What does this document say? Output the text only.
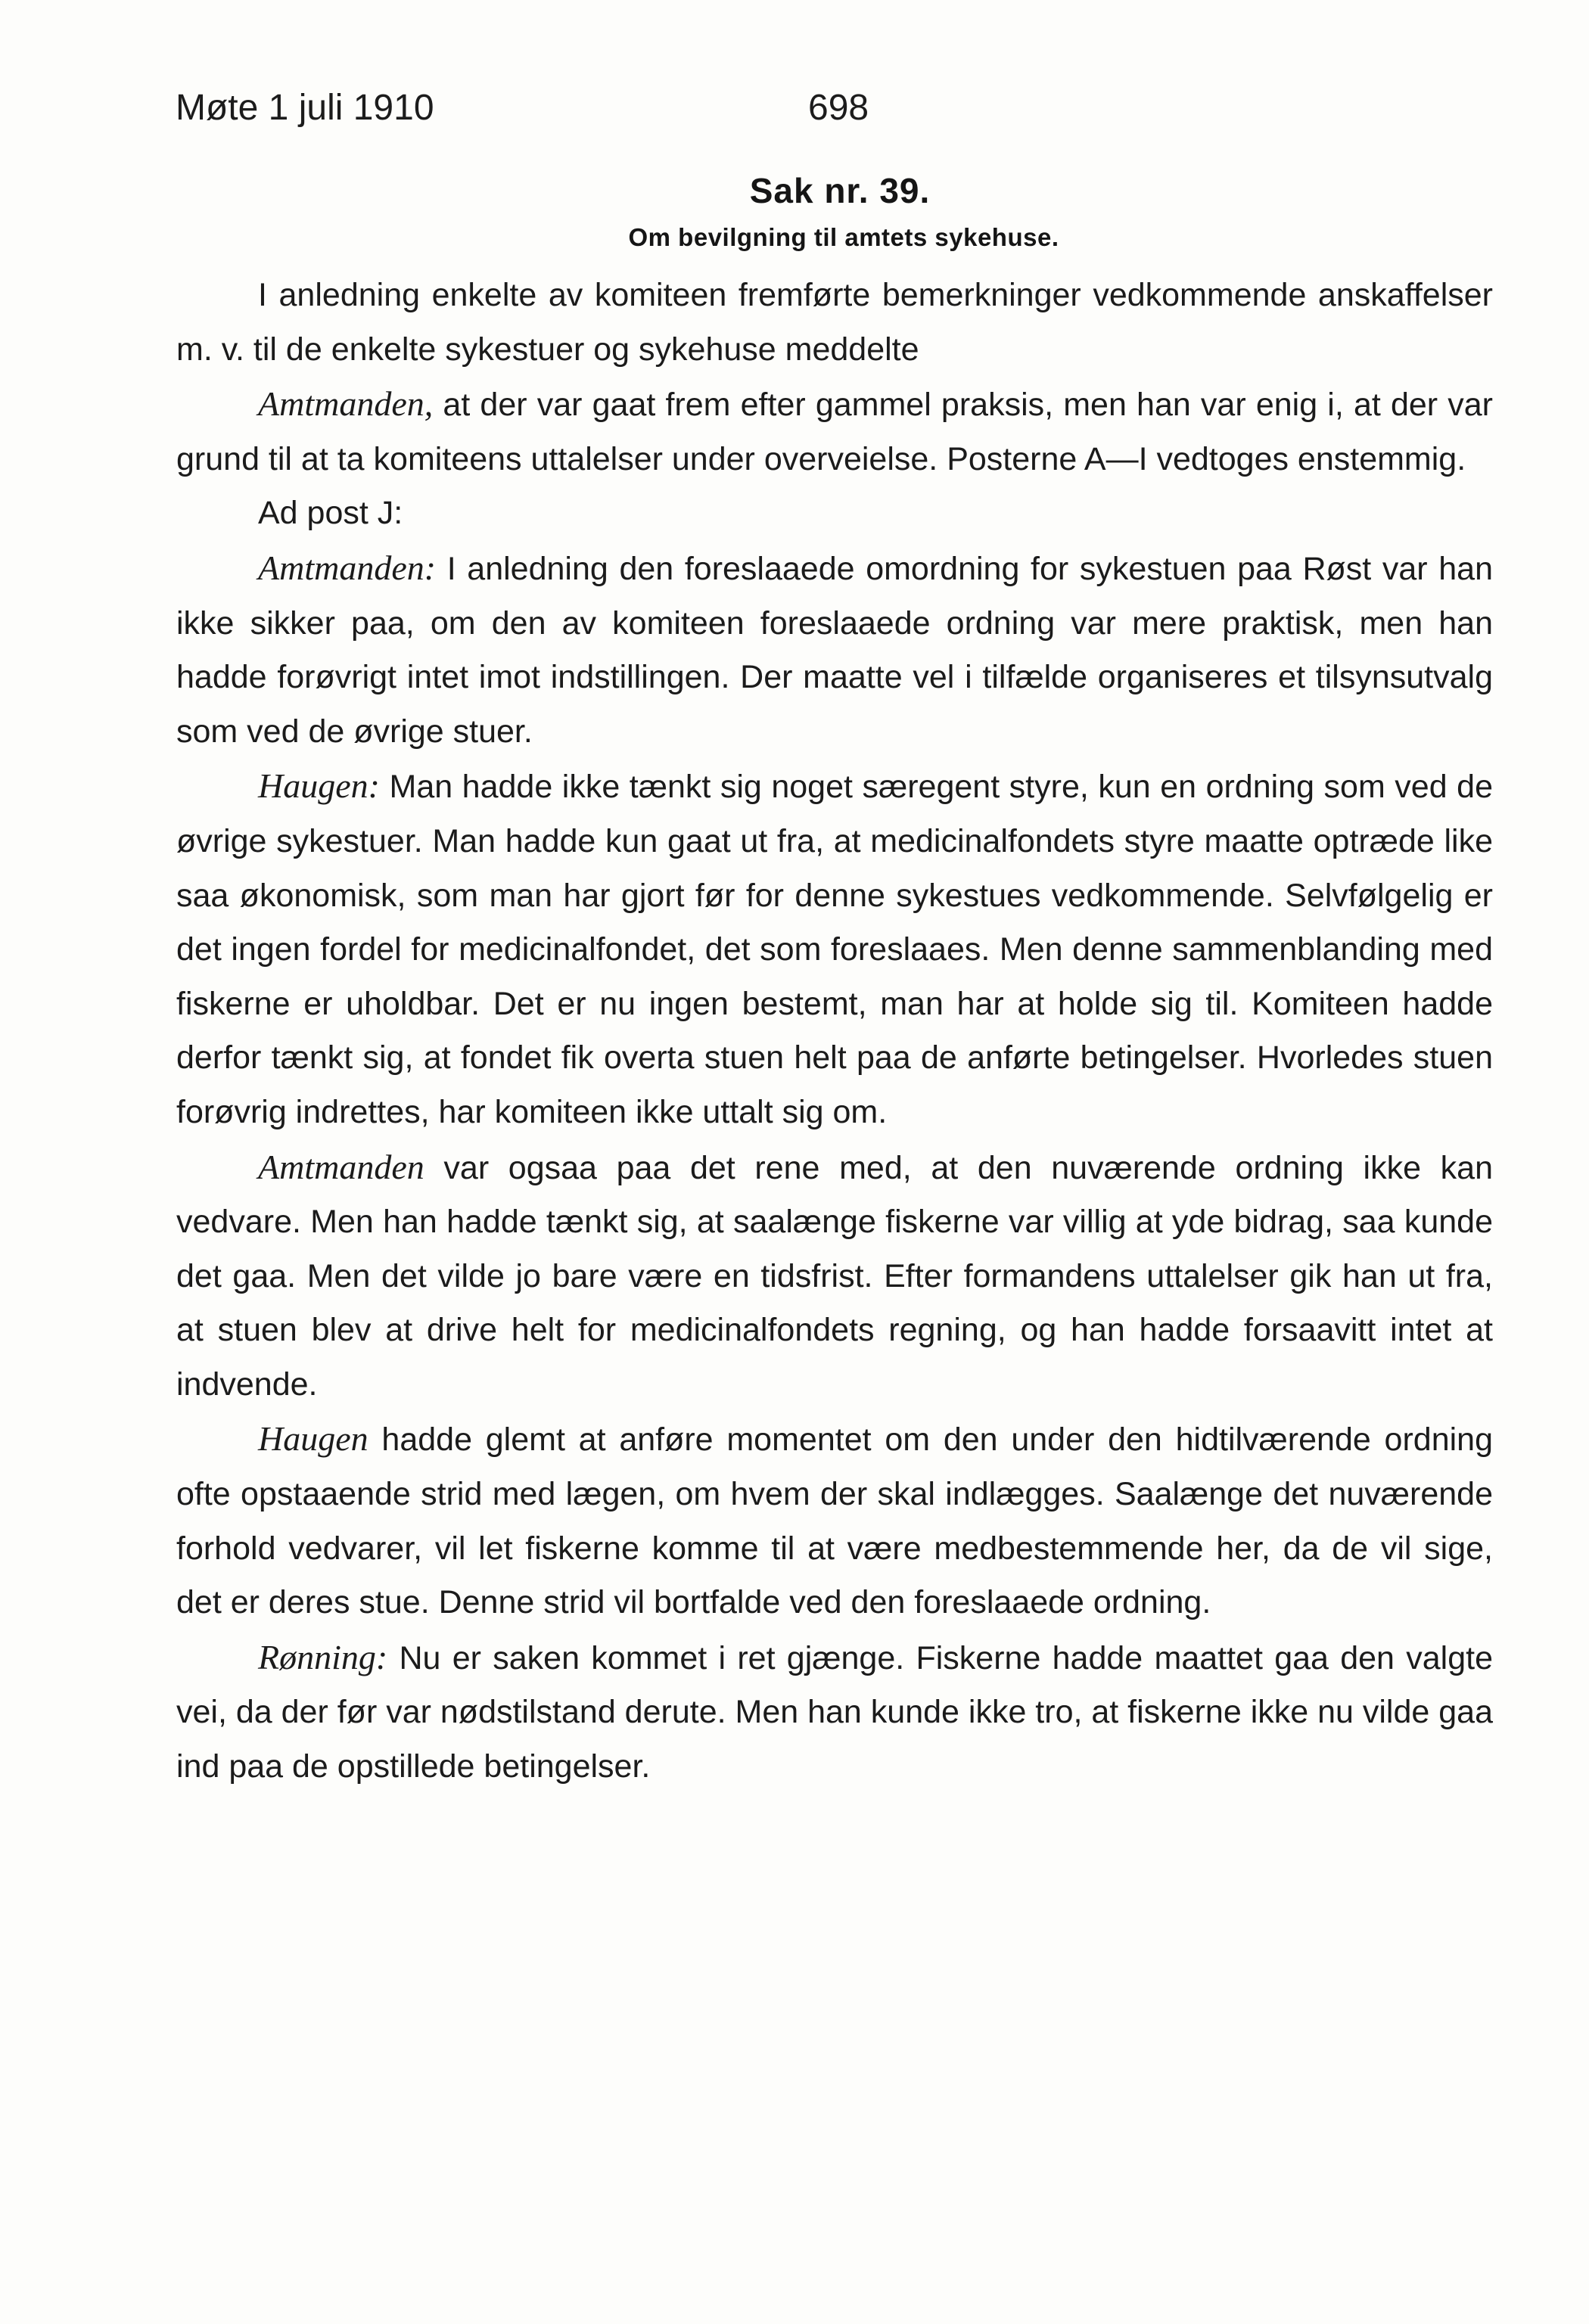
Møte 1 juli 1910	698
Sak nr. 39.
Om bevilgning til amtets sykehuse.

I anledning enkelte av komiteen fremførte bemerkninger vedkommende anskaffelser m. v. til de enkelte sykestuer og sykehuse meddelte

Amtmanden, at der var gaat frem efter gammel praksis, men han var enig i, at der var grund til at ta komiteens uttalelser under overveielse. Posterne A—I vedtoges enstemmig.

Ad post J:

Amtmanden: I anledning den foreslaaede omordning for sykestuen paa Røst var han ikke sikker paa, om den av komiteen foreslaaede ordning var mere praktisk, men han hadde forøvrigt intet imot indstillingen. Der maatte vel i tilfælde organiseres et tilsynsutvalg som ved de øvrige stuer.

Haugen: Man hadde ikke tænkt sig noget særegent styre, kun en ordning som ved de øvrige sykestuer. Man hadde kun gaat ut fra, at medicinalfondets styre maatte optræde like saa økonomisk, som man har gjort før for denne sykestues vedkommende. Selvfølgelig er det ingen fordel for medicinalfondet, det som foreslaaes. Men denne sammenblanding med fiskerne er uholdbar. Det er nu ingen bestemt, man har at holde sig til. Komiteen hadde derfor tænkt sig, at fondet fik overta stuen helt paa de anførte betingelser. Hvorledes stuen forøvrig indrettes, har komiteen ikke uttalt sig om.

Amtmanden var ogsaa paa det rene med, at den nuværende ordning ikke kan vedvare. Men han hadde tænkt sig, at saalænge fiskerne var villig at yde bidrag, saa kunde det gaa. Men det vilde jo bare være en tidsfrist. Efter formandens uttalelser gik han ut fra, at stuen blev at drive helt for medicinalfondets regning, og han hadde forsaavitt intet at indvende.

Haugen hadde glemt at anføre momentet om den under den hidtilværende ordning ofte opstaaende strid med lægen, om hvem der skal indlægges. Saalænge det nuværende forhold vedvarer, vil let fiskerne komme til at være medbestemmende her, da de vil sige, det er deres stue. Denne strid vil bortfalde ved den foreslaaede ordning.

Rønning: Nu er saken kommet i ret gjænge. Fiskerne hadde maattet gaa den valgte vei, da der før var nødstilstand derute. Men han kunde ikke tro, at fiskerne ikke nu vilde gaa ind paa de opstillede betingelser.
